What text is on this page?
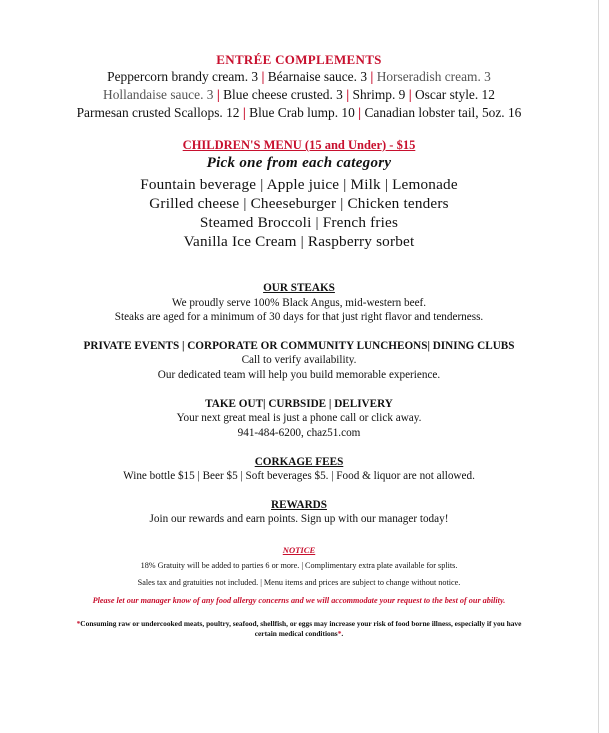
ENTRÉE COMPLEMENTS
Peppercorn brandy cream. 3 | Béarnaise sauce. 3 | Horseradish cream. 3
Hollandaise sauce. 3 | Blue cheese crusted. 3 | Shrimp. 9 | Oscar style. 12
Parmesan crusted Scallops. 12 | Blue Crab lump. 10 | Canadian lobster tail, 5oz. 16
CHILDREN'S MENU (15 and Under) - $15
Pick one from each category
Fountain beverage | Apple juice | Milk | Lemonade
Grilled cheese | Cheeseburger | Chicken tenders
Steamed Broccoli | French fries
Vanilla Ice Cream | Raspberry sorbet
OUR STEAKS
We proudly serve 100% Black Angus, mid-western beef.
Steaks are aged for a minimum of 30 days for that just right flavor and tenderness.
PRIVATE EVENTS | CORPORATE OR COMMUNITY LUNCHEONS| DINING CLUBS
Call to verify availability.
Our dedicated team will help you build memorable experience.
TAKE OUT| CURBSIDE | DELIVERY
Your next great meal is just a phone call or click away.
941-484-6200, chaz51.com
CORKAGE FEES
Wine bottle $15 | Beer $5 | Soft beverages $5. | Food & liquor are not allowed.
REWARDS
Join our rewards and earn points. Sign up with our manager today!
NOTICE
18% Gratuity will be added to parties 6 or more. | Complimentary extra plate available for splits.
Sales tax and gratuities not included. | Menu items and prices are subject to change without notice.
Please let our manager know of any food allergy concerns and we will accommodate your request to the best of our ability.
*Consuming raw or undercooked meats, poultry, seafood, shellfish, or eggs may increase your risk of food borne illness, especially if you have
certain medical conditions*.
